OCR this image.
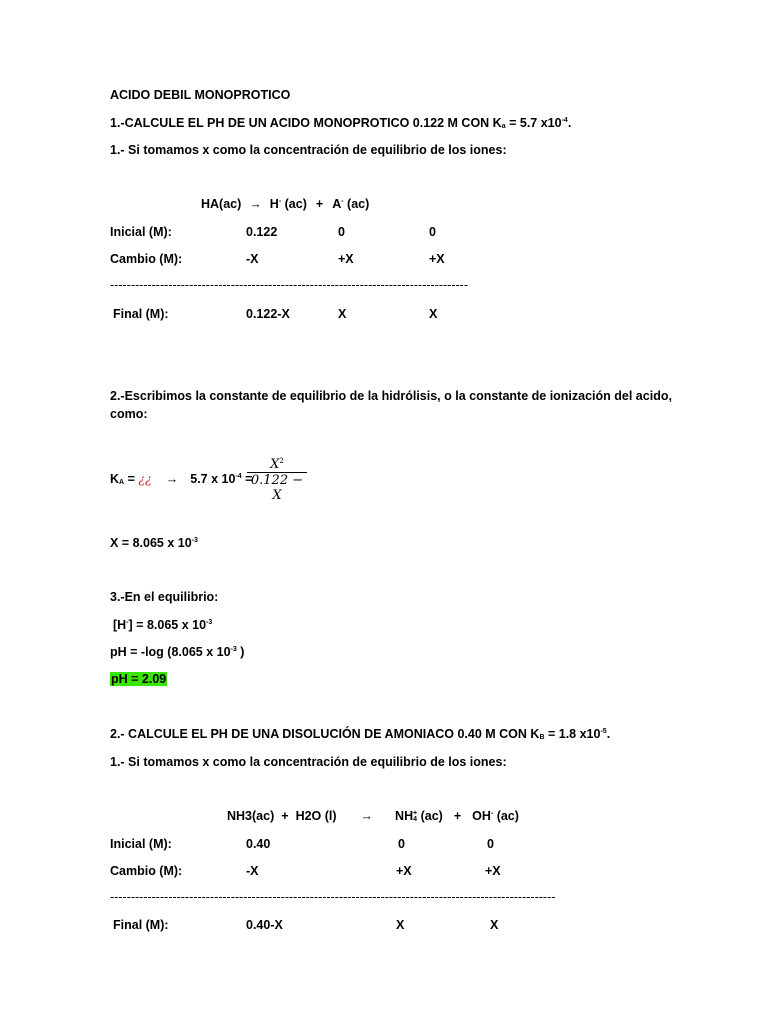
ACIDO DEBIL MONOPROTICO
1.-CALCULE EL PH DE UN ACIDO MONOPROTICO 0.122 M CON $K_a = 5.7$ $x10^{-4}$.
1.- Si tomamos x como la concentración de equilibrio de los iones:
HA(ac) → H- (ac) + A- (ac)
Inicial (M):	0.122	0	0
Cambio (M):	-X	+X	+X
--------------------------------------------------------------------------------------
Final (M):	0.122-X	X	X
2.-Escribimos la constante de equilibrio de la hidrólisis, o la constante de ionización del acido,
como:
$K_A$ = ¿¿ → 5.7 x $10^{-4}$ =
$X^2$
0.122 − X
X = 8.065 x $10^{-3}$
3.-En el equilibrio:
[H-] = 8.065 x $10^{-3}$
pH = -log (8.065 x $10^{-3}$ )
pH = 2.09
2.- CALCULE EL PH DE UNA DISOLUCIÓN DE AMONIACO 0.40 M CON $K_B = 1.8$ $x10^{-5}$.
1.- Si tomamos x como la concentración de equilibrio de los iones:
NH3(ac) + H2O $(l) \to NH_4^+$ (ac) + OH- (ac)
Inicial (M):	0.40	0	0
Cambio (M):	-X	+X	+X
-----------------------------------------------------------------------------------------------------------
Final (M):	0.40-X	X	X
